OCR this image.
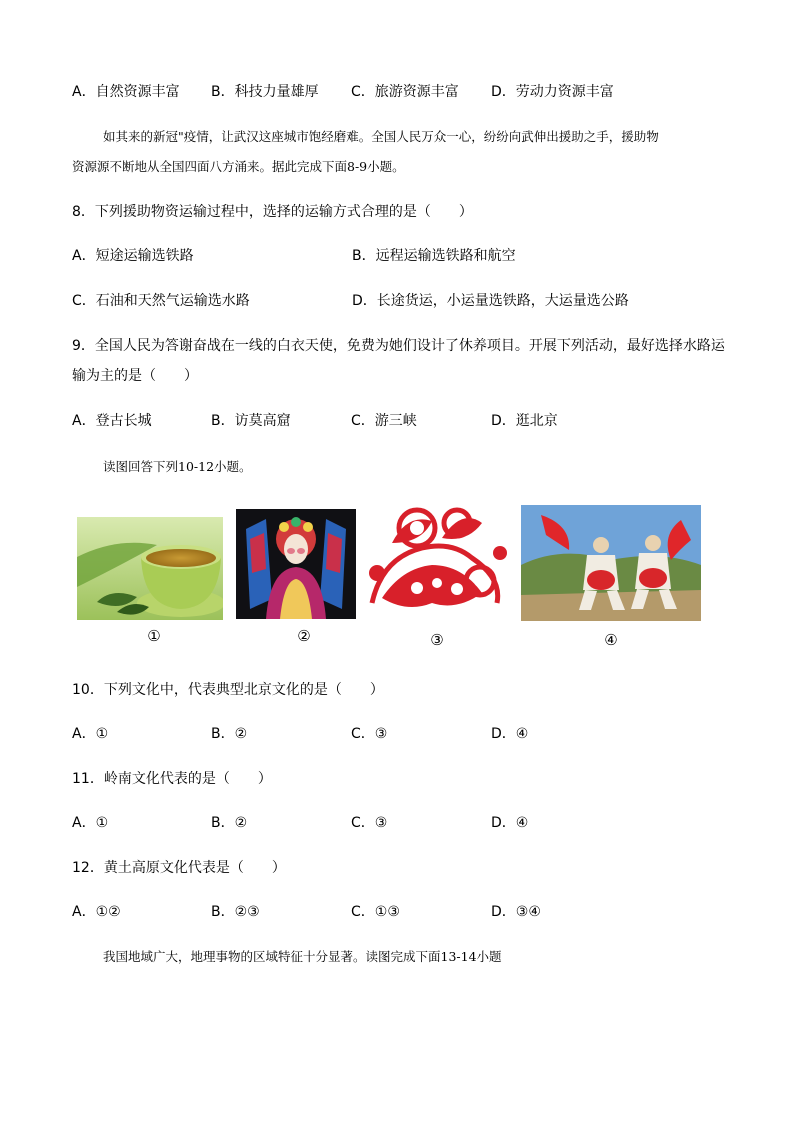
A．自然资源丰富 B．科技力量雄厚 C．旅游资源丰富 D．劳动力资源丰富
如其来的新冠"疫情，让武汉这座城市饱经磨难。全国人民万众一心，纷纷向武伸出援助之手，援助物
资源源不断地从全国四面八方涌来。据此完成下面8-9小题。
8．下列援助物资运输过程中，选择的运输方式合理的是（　　）
A．短途运输选铁路	B．远程运输选铁路和航空
C．石油和天然气运输选水路	D．长途货运，小运量选铁路，大运量选公路
9．全国人民为答谢奋战在一线的白衣天使，免费为她们设计了休养项目。开展下列活动，最好选择水路运
输为主的是（　　）
A．登古长城	B．访莫高窟	C．游三峡	D．逛北京
读图回答下列10-12小题。
①	②	③	④
10．下列文化中，代表典型北京文化的是（　　）
A．①	B．②	C．③	D．④
11．岭南文化代表的是（　　）
A．①	B．②	C．③	D．④
12．黄土高原文化代表是（　　）
A．①②	B．②③	C．①③	D．③④
我国地域广大，地理事物的区域特征十分显著。读图完成下面13-14小题
